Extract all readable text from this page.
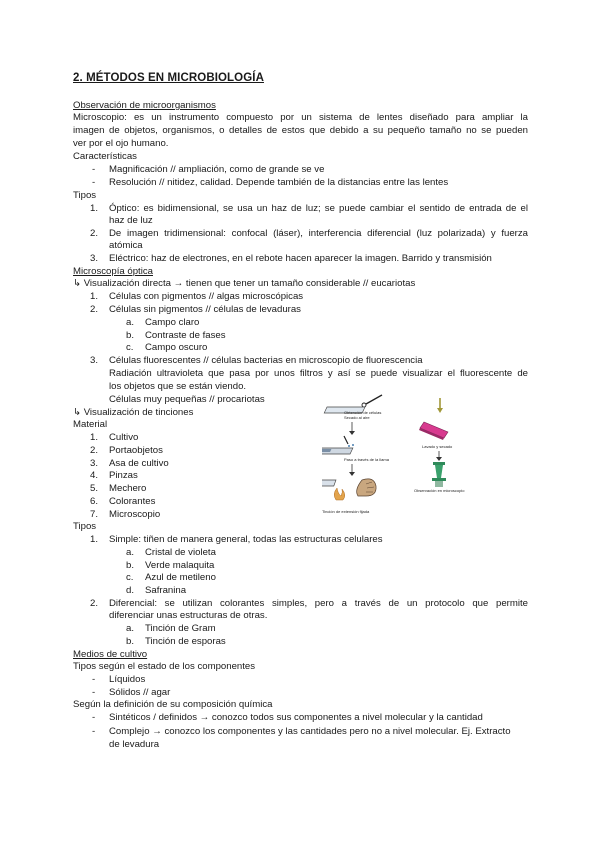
2. MÉTODOS EN MICROBIOLOGÍA
Observación de microorganismos
Microscopio: es un instrumento compuesto por un sistema de lentes diseñado para ampliar la
imagen de objetos, organismos, o detalles de estos que debido a su pequeño tamaño no se pueden
ver por el ojo humano.
Características
- Magnificación // ampliación, como de grande se ve
- Resolución // nitidez, calidad. Depende también de la distancias entre las lentes
Tipos
1. Óptico: es bidimensional, se usa un haz de luz; se puede cambiar el sentido de entrada de el
haz de luz
2. De imagen tridimensional: confocal (láser), interferencia diferencial (luz polarizada) y fuerza
atómica
3. Eléctrico: haz de electrones, en el rebote hacen aparecer la imagen. Barrido y transmisión
Microscopía óptica
↳ Visualización directa → tienen que tener un tamaño considerable // eucariotas
1. Células con pigmentos // algas microscópicas
2. Células sin pigmentos // células de levaduras
a. Campo claro
b. Contraste de fases
c. Campo oscuro
3. Células fluorescentes // células bacterias en microscopio de fluorescencia
Radiación ultravioleta que pasa por unos filtros y así se puede visualizar el fluorescente de
los objetos que se están viendo.
Células muy pequeñas // procariotas
↳ Visualización de tinciones
Material
1. Cultivo
2. Portaobjetos
3. Asa de cultivo
4. Pinzas
5. Mechero
6. Colorantes
7. Microscopio
Tipos
1. Simple: tiñen de manera general, todas las estructuras celulares
a. Cristal de violeta
b. Verde malaquita
c. Azul de metileno
d. Safranina
2. Diferencial: se utilizan colorantes simples, pero a través de un protocolo que permite
diferenciar unas estructuras de otras.
a. Tinción de Gram
b. Tinción de esporas
Medios de cultivo
Tipos según el estado de los componentes
- Líquidos
- Sólidos // agar
Según la definición de su composición química
- Sintéticos / definidos → conozco todos sus componentes a nivel molecular y la cantidad
- Complejo → conozco los componentes y las cantidades pero no a nivel molecular. Ej. Extracto
de levadura
Obtención de células
Secado al aire
Paso a través de la llama
Tinción de extensión fijada
Lavado y secado
Observación en microscopio
